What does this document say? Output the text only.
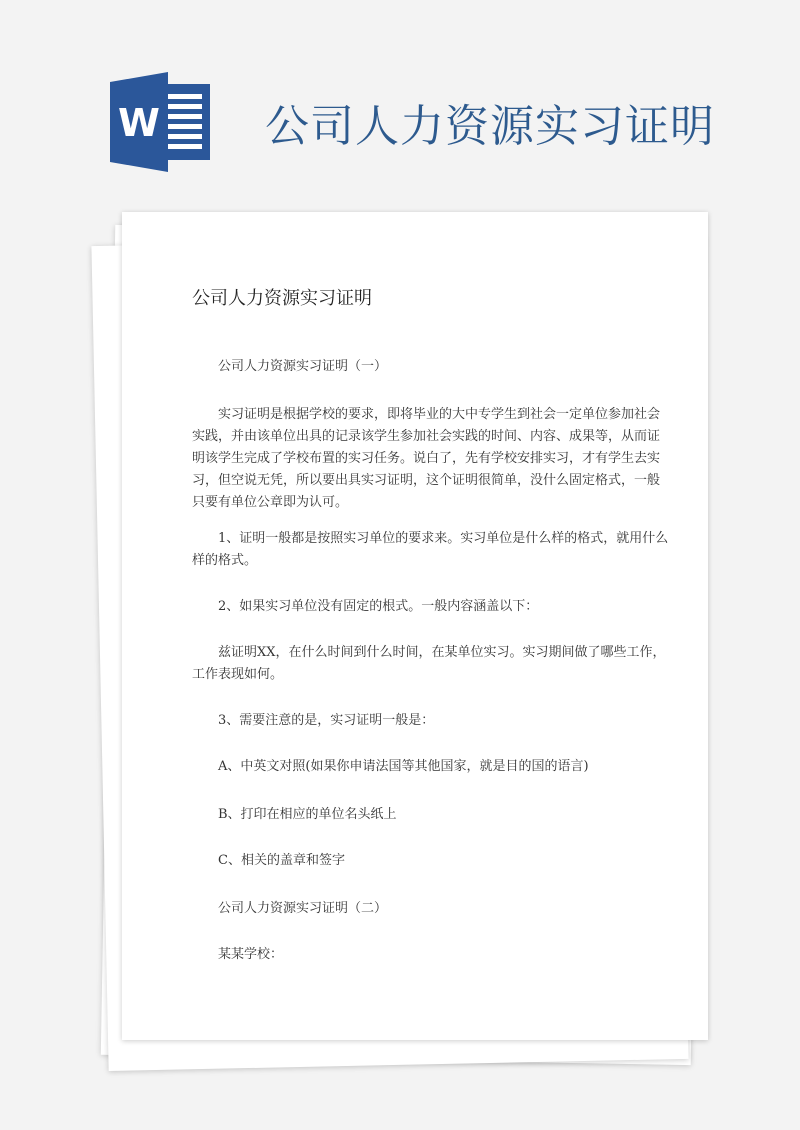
W 公司人力资源实习证明
公司人力资源实习证明
公司人力资源实习证明（一）
实习证明是根据学校的要求，即将毕业的大中专学生到社会一定单位参加社会实践，并由该单位出具的记录该学生参加社会实践的时间、内容、成果等，从而证明该学生完成了学校布置的实习任务。说白了，先有学校安排实习，才有学生去实习，但空说无凭，所以要出具实习证明，这个证明很简单，没什么固定格式，一般只要有单位公章即为认可。
1、证明一般都是按照实习单位的要求来。实习单位是什么样的格式，就用什么样的格式。
2、如果实习单位没有固定的根式。一般内容涵盖以下：
兹证明XX，在什么时间到什么时间，在某单位实习。实习期间做了哪些工作，工作表现如何。
3、需要注意的是，实习证明一般是：
A、中英文对照(如果你申请法国等其他国家，就是目的国的语言)
B、打印在相应的单位名头纸上
C、相关的盖章和签字
公司人力资源实习证明（二）
某某学校：
